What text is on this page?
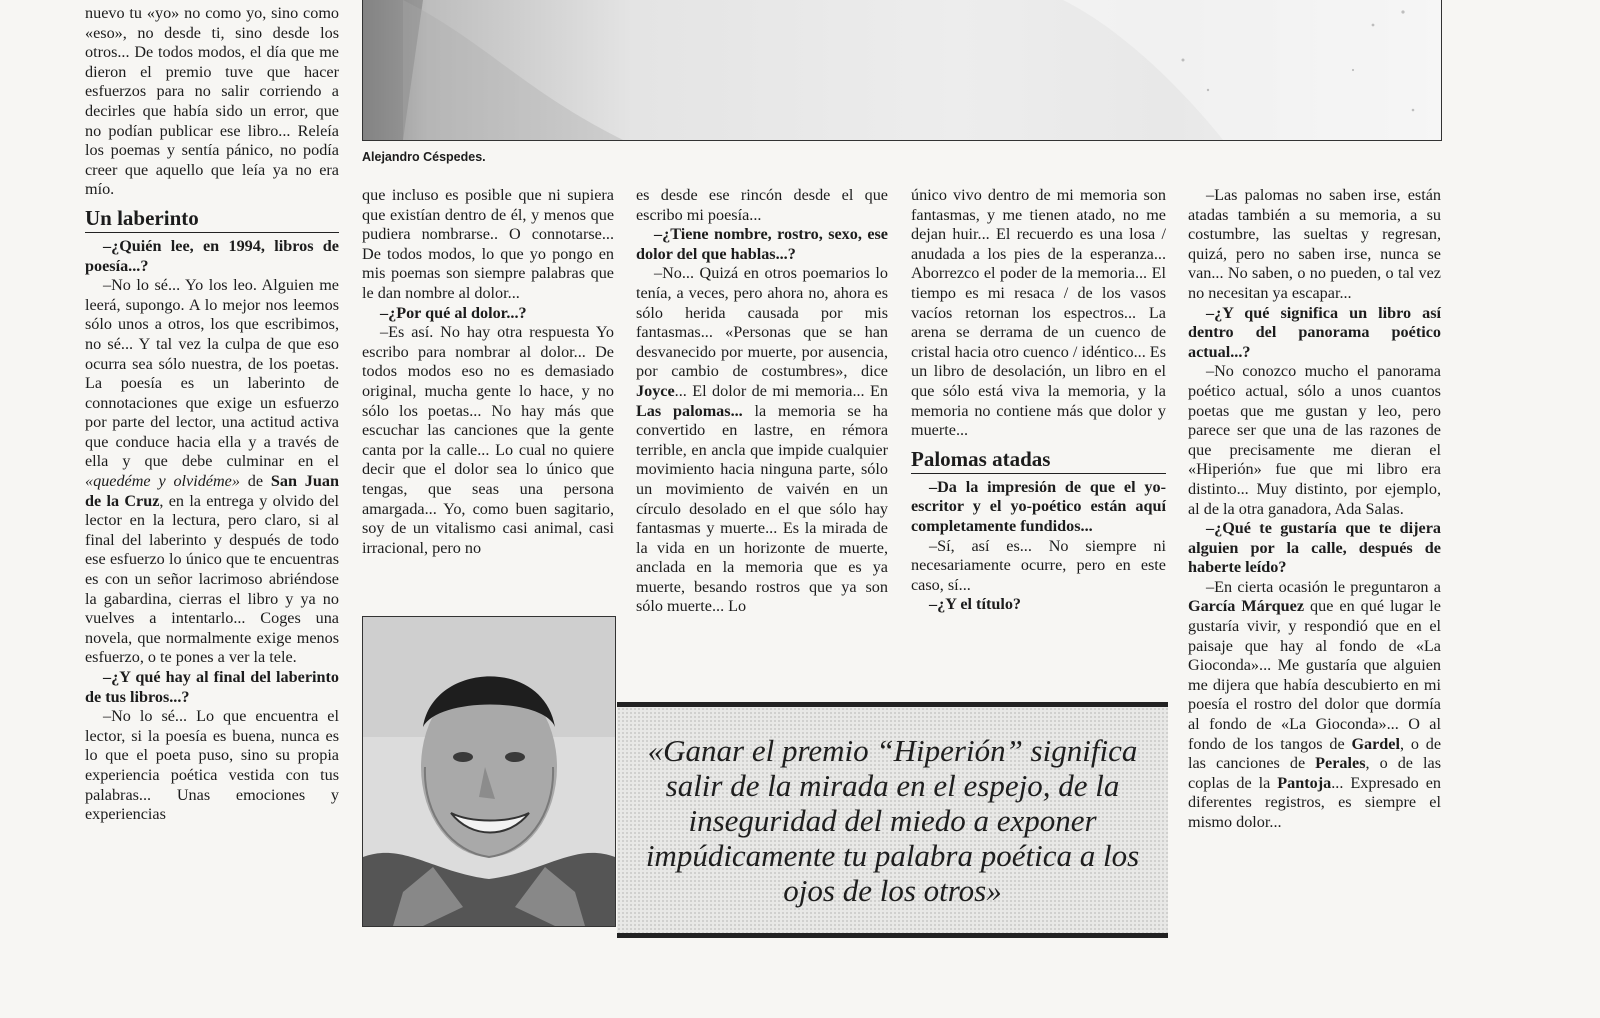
Alejandro Céspedes.

nuevo tu «yo» no como yo, sino como «eso», no desde ti, sino desde los otros... De todos modos, el día que me dieron el premio tuve que hacer esfuerzos para no salir corriendo a decirles que había sido un error, que no podían publicar ese libro... Releía los poemas y sentía pánico, no podía creer que aquello que leía ya no era mío.

Un laberinto

–¿Quién lee, en 1994, libros de poesía...?

–No lo sé... Yo los leo. Alguien me leerá, supongo. A lo mejor nos leemos sólo unos a otros, los que escribimos, no sé... Y tal vez la culpa de que eso ocurra sea sólo nuestra, de los poetas. La poesía es un laberinto de connotaciones que exige un esfuerzo por parte del lector, una actitud activa que conduce hacia ella y a través de ella y que debe culminar en el «quedéme y olvidéme» de San Juan de la Cruz, en la entrega y olvido del lector en la lectura, pero claro, si al final del laberinto y después de todo ese esfuerzo lo único que te encuentras es con un señor lacrimoso abriéndose la gabardina, cierras el libro y ya no vuelves a intentarlo... Coges una novela, que normalmente exige menos esfuerzo, o te pones a ver la tele.

–¿Y qué hay al final del laberinto de tus libros...?

–No lo sé... Lo que encuentra el lector, si la poesía es buena, nunca es lo que el poeta puso, sino su propia experiencia poética vestida con tus palabras... Unas emociones y experiencias

que incluso es posible que ni supiera que existían dentro de él, y menos que pudiera nombrarse.. O connotarse... De todos modos, lo que yo pongo en mis poemas son siempre palabras que le dan nombre al dolor...

–¿Por qué al dolor...?

–Es así. No hay otra respuesta Yo escribo para nombrar al dolor... De todos modos eso no es demasiado original, mucha gente lo hace, y no sólo los poetas... No hay más que escuchar las canciones que la gente canta por la calle... Lo cual no quiere decir que el dolor sea lo único que tengas, que seas una persona amargada... Yo, como buen sagitario, soy de un vitalismo casi animal, casi irracional, pero no

es desde ese rincón desde el que escribo mi poesía...

–¿Tiene nombre, rostro, sexo, ese dolor del que hablas...?

–No... Quizá en otros poemarios lo tenía, a veces, pero ahora no, ahora es sólo herida causada por mis fantasmas... «Personas que se han desvanecido por muerte, por ausencia, por cambio de costumbres», dice Joyce... El dolor de mi memoria... En Las palomas... la memoria se ha convertido en lastre, en rémora terrible, en ancla que impide cualquier movimiento hacia ninguna parte, sólo un movimiento de vaivén en un círculo desolado en el que sólo hay fantasmas y muerte... Es la mirada de la vida en un horizonte de muerte, anclada en la memoria que es ya muerte, besando rostros que ya son sólo muerte... Lo

único vivo dentro de mi memoria son fantasmas, y me tienen atado, no me dejan huir... El recuerdo es una losa / anudada a los pies de la esperanza... Aborrezco el poder de la memoria... El tiempo es mi resaca / de los vasos vacíos retornan los espectros... La arena se derrama de un cuenco de cristal hacia otro cuenco / idéntico... Es un libro de desolación, un libro en el que sólo está viva la memoria, y la memoria no contiene más que dolor y muerte...

Palomas atadas

–Da la impresión de que el yo-escritor y el yo-poético están aquí completamente fundidos...

–Sí, así es... No siempre ni necesariamente ocurre, pero en este caso, sí...

–¿Y el título?

«Ganar el premio “Hiperión” significa salir de la mirada en el espejo, de la inseguridad del miedo a exponer impúdicamente tu palabra poética a los ojos de los otros»

–Las palomas no saben irse, están atadas también a su memoria, a su costumbre, las sueltas y regresan, quizá, pero no saben irse, nunca se van... No saben, o no pueden, o tal vez no necesitan ya escapar...

–¿Y qué significa un libro así dentro del panorama poético actual...?

–No conozco mucho el panorama poético actual, sólo a unos cuantos poetas que me gustan y leo, pero parece ser que una de las razones de que precisamente me dieran el «Hiperión» fue que mi libro era distinto... Muy distinto, por ejemplo, al de la otra ganadora, Ada Salas.

–¿Qué te gustaría que te dijera alguien por la calle, después de haberte leído?

–En cierta ocasión le preguntaron a García Márquez que en qué lugar le gustaría vivir, y respondió que en el paisaje que hay al fondo de «La Gioconda»... Me gustaría que alguien me dijera que había descubierto en mi poesía el rostro del dolor que dormía al fondo de «La Gioconda»... O al fondo de los tangos de Gardel, o de las canciones de Perales, o de las coplas de la Pantoja... Expresado en diferentes registros, es siempre el mismo dolor...
